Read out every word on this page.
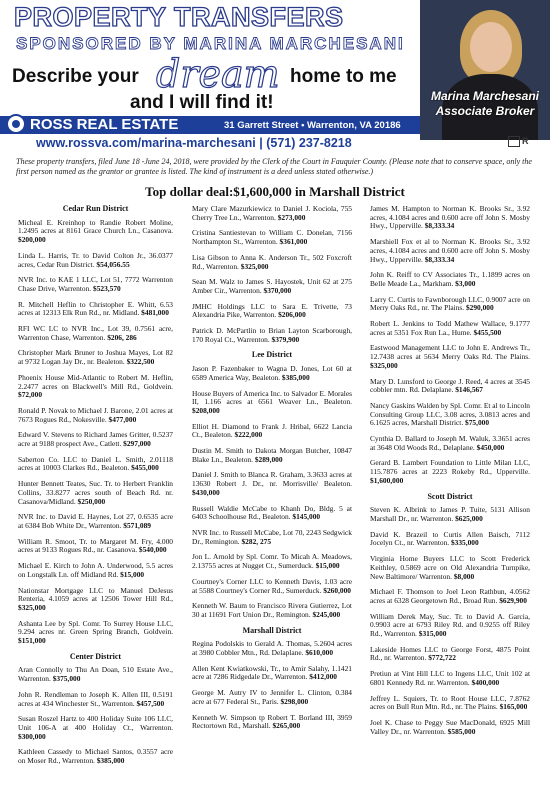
PROPERTY TRANSFERS
SPONSORED BY MARINA MARCHESANI
Describe your dream home to me
and I will find it!
ROSS REAL ESTATE	31 Garrett Street • Warrenton, VA 20186
www.rossva.com/marina-marchesani | (571) 237-8218
Marina Marchesani
Associate Broker
R
These property transfers, filed June 18 -June 24, 2018, were provided by the Clerk of the Court in Fauquier County. (Please note that to conserve space, only the first person named as the grantor or grantee is listed. The kind of instrument is a deed unless stated otherwise.)
Top dollar deal:$1,600,000 in Marshall District
Cedar Run District
Micheal E. Kreinhop to Randie Robert Moline, 1.2495 acres at 8161 Grace Church Ln., Casanova. $200,000
Linda L. Harris, Tr. to David Colton Jr., 36.0377 acres, Cedar Run District. $54,056.55
NVR Inc. to KAE 1 LLC, Lot 51, 7772 Warrenton Chase Drive, Warrenton. $523,570
R. Mitchell Heflin to Christopher E. Whitt, 6.53 acres at 12313 Elk Run Rd., nr. Midland. $481,000
RFI WC LC to NVR Inc., Lot 39, 0.7561 acre, Warrenton Chase, Warrenton. $206, 286
Christopher Mark Bruner to Joshua Mayes, Lot 82 at 9732 Logan Jay Dr., nr. Bealeton. $322,500
Phoenix House Mid-Atlantic to Robert M. Heflin, 2.2477 acres on Blackwell's Mill Rd., Goldvein. $72,000
Ronald P. Novak to Michael J. Barone, 2.01 acres at 7673 Rogues Rd., Nokesville. $477,000
Edward V. Stevens to Richard James Gritter, 0.5237 acre at 9188 prospect Ave., Catlett. $297,000
Saberton Co. LLC to Daniel L. Smith, 2.01118 acres at 10003 Clarkes Rd., Bealeton. $455,000
Hunter Bennett Teates, Suc. Tr. to Herbert Franklin Collins, 33.8277 acres south of Beach Rd. nr. Casanova/Midland. $250,000
NVR Inc. to David E. Haynes, Lot 27, 0.6535 acre at 6384 Bob White Dr., Warrenton. $571,089
William R. Smoot, Tr. to Margaret M. Fry, 4.000 acres at 9133 Rogues Rd., nr. Casanova. $540,000
Michael E. Kirch to John A. Underwood, 5.5 acres on Longstalk Ln. off Midland Rd. $15,000
Nationstar Mortgage LLC to Manuel DeJesus Renteria, 4.1059 acres at 12506 Tower Hill Rd., $325,000
Ashanta Lee by Spl. Comr. To Surrey House LLC, 9.294 acres nr. Green Spring Branch, Goldvein. $151,000
Center District
Aran Connolly to Thu An Doan, 510 Estate Ave., Warrenton. $375,000
John R. Rendleman to Joseph K. Allen III, 0.5191 acres at 434 Winchester St., Warrenton. $457,500
Susan Roszel Hartz to 400 Holiday Suite 106 LLC, Unit 106-A at 400 Holiday Ct., Warrenton. $300,000
Kathleen Cassedy to Michael Santos, 0.3557 acre on Moser Rd., Warrenton. $385,000
Mary Clare Mazurkiewicz to Daniel J. Kociola, 755 Cherry Tree Ln., Warrenton. $273,000
Cristina Santiestevan to William C. Donelan, 7156 Northampton St., Warrenton. $361,000
Lisa Gibson to Anna K. Anderson Tr., 502 Foxcroft Rd., Warrenton. $325,000
Sean M. Walz to James S. Hayostek, Unit 62 at 275 Amber Cir., Warrenton. $370,000
JMHC Holdings LLC to Sara E. Trivette, 73 Alexandria Pike, Warrenton. $206,000
Patrick D. McPartlin to Brian Layton Scarborough, 170 Royal Ct., Warrenton. $379,900
Lee District
Jason P. Fazenbaker to Wagna D. Jones, Lot 60 at 6589 America Way, Bealeton. $385,000
House Buyers of America Inc. to Salvador E. Morales II, 1.166 acres at 6561 Weaver Ln., Bealeton. $208,000
Elliot H. Diamond to Frank J. Hribal, 6622 Lancia Ct., Bealeton. $222,000
Dustin M. Smith to Dakota Morgan Butcher, 10847 Blake Ln., Bealeton. $289,000
Daniel J. Smith to Blanca R. Graham, 3.3633 acres at 13630 Robert J. Dr., nr. Morrisville/ Bealeton. $430,000
Russell Waldie McCabe to Khanh Do, Bldg. 5 at 6403 Schoolhouse Rd., Bealeton. $145,000
NVR Inc. to Russell McCabe, Lot 70, 2243 Sedgwick Dr., Remington. $282, 275
Jon L. Arnold by Spl. Comr. To Micah A. Meadows, 2.13755 acres at Nugget Ct., Sumerduck. $15,000
Courtney's Corner LLC to Kenneth Davis, 1.03 acre at 5588 Courtney's Corner Rd., Sumerduck. $260,000
Kenneth W. Baum to Francisco Rivera Gutierrez, Lot 30 at 11691 Fort Union Dr., Remington. $245,000
Marshall District
Regina Podolskis to Gerald A. Thomas, 5.2604 acres at 3980 Cobbler Mtn., Rd. Delaplane. $610,000
Allen Kent Kwiatkowski, Tr., to Amir Salahy, 1.1421 acre at 7286 Ridgedale Dr., Warrenton. $412,000
George M. Autry IV to Jennifer L. Clinton, 0.384 acre at 677 Federal St., Paris. $298,000
Kenneth W. Simpson tp Robert T. Borland III, 3959 Rectortown Rd., Marshall. $265,000
James M. Hampton to Norman K. Brooks Sr., 3.92 acres, 4.1084 acres and 0.600 acre off John S. Mosby Hwy., Upperville. $8,333.34
Marshiell Fox et al to Norman K. Brooks Sr., 3.92 acres, 4.1084 acres and 0.600 acre off John S. Mosby Hwy., Upperville. $8,333.34
John K. Reiff to CV Associates Tr., 1.1899 acres on Belle Meade La., Markham. $3,000
Larry C. Curtis to Fawnborough LLC, 0.9007 acre on Merry Oaks Rd., nr. The Plains. $290,000
Robert L. Jenkins to Todd Mathew Wallace, 9.1777 acres at 5351 Fox Run La., Hume. $455,500
Eastwood Management LLC to John E. Andrews Tr., 12.7438 acres at 5634 Merry Oaks Rd. The Plains. $325,000
Mary D. Lunsford to George J. Reed, 4 acres at 3545 cobbler mtn. Rd. Delaplane. $146,567
Nancy Gaskins Walden by Spl. Comr. Et al to Lincoln Consulting Group LLC, 3.08 acres, 3.0813 acres and 6.1625 acres, Marshall District. $75,000
Cynthia D. Ballard to Joseph M. Waluk, 3.3651 acres at 3648 Old Woods Rd., Delaplane. $450,000
Gerard B. Lambert Foundation to Little Milan LLC, 115.7876 acres at 2223 Rokeby Rd., Upperville. $1,600,000
Scott District
Steven K. Albrink to James P. Tuite, 5131 Allison Marshall Dr., nr. Warrenton. $625,000
David K. Brazeil to Curtis Allen Baisch, 7112 Jocelyn Ct., nr. Warrenton. $335,000
Virginia Home Buyers LLC to Scott Frederick Keithley, 0.5869 acre on Old Alexandria Turnpike, New Baltimore/ Warrenton. $8,000
Michael F. Thomson to Joel Leon Rathbun, 4.0562 acres at 6328 Georgetown Rd., Broad Run. $629,900
William Derek May, Suc. Tr. to David A. Garcia, 0.9903 acre at 6793 Riley Rd. and 0.9255 off Riley Rd., Warrenton. $315,000
Lakeside Homes LLC to George Forst, 4875 Point Rd., nr. Warrenton. $772,722
Pretiun at Vint Hill LLC to Ingens LLC, Unit 102 at 6801 Kennedy Rd. nr. Warrenton. $400,000
Jeffrey L. Squiers, Tr. to Root House LLC, 7.8762 acres on Bull Run Mtn. Rd., nr. The Plains. $165,000
Joel K. Chase to Peggy Sue MacDonald, 6925 Mill Valley Dr., nr. Warrenton. $585,000
